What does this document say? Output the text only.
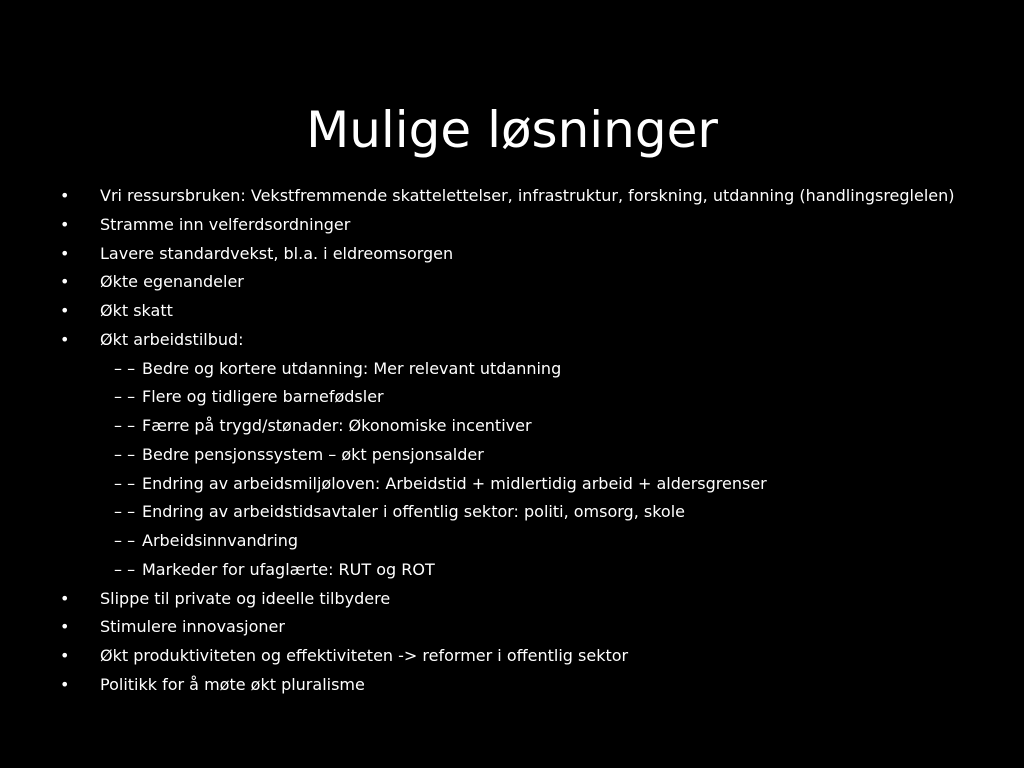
Mulige løsninger
• Vri ressursbruken: Vekstfremmende skattelettelser, infrastruktur, forskning, utdanning (handlingsreglelen)
• Stramme inn velferdsordninger
• Lavere standardvekst, bl.a. i eldreomsorgen
• Økte egenandeler
• Økt skatt
• Økt arbeidstilbud:
– – Bedre og kortere utdanning: Mer relevant utdanning
– – Flere og tidligere barnefødsler
– – Færre på trygd/stønader: Økonomiske incentiver
– – Bedre pensjonssystem – økt pensjonsalder
– – Endring av arbeidsmiljøloven: Arbeidstid + midlertidig arbeid + aldersgrenser
– – Endring av arbeidstidsavtaler i offentlig sektor: politi, omsorg, skole
– – Arbeidsinnvandring
– – Markeder for ufaglærte: RUT og ROT
• Slippe til private og ideelle tilbydere
• Stimulere innovasjoner
• Økt produktiviteten og effektiviteten -> reformer i offentlig sektor
• Politikk for å møte økt pluralisme
